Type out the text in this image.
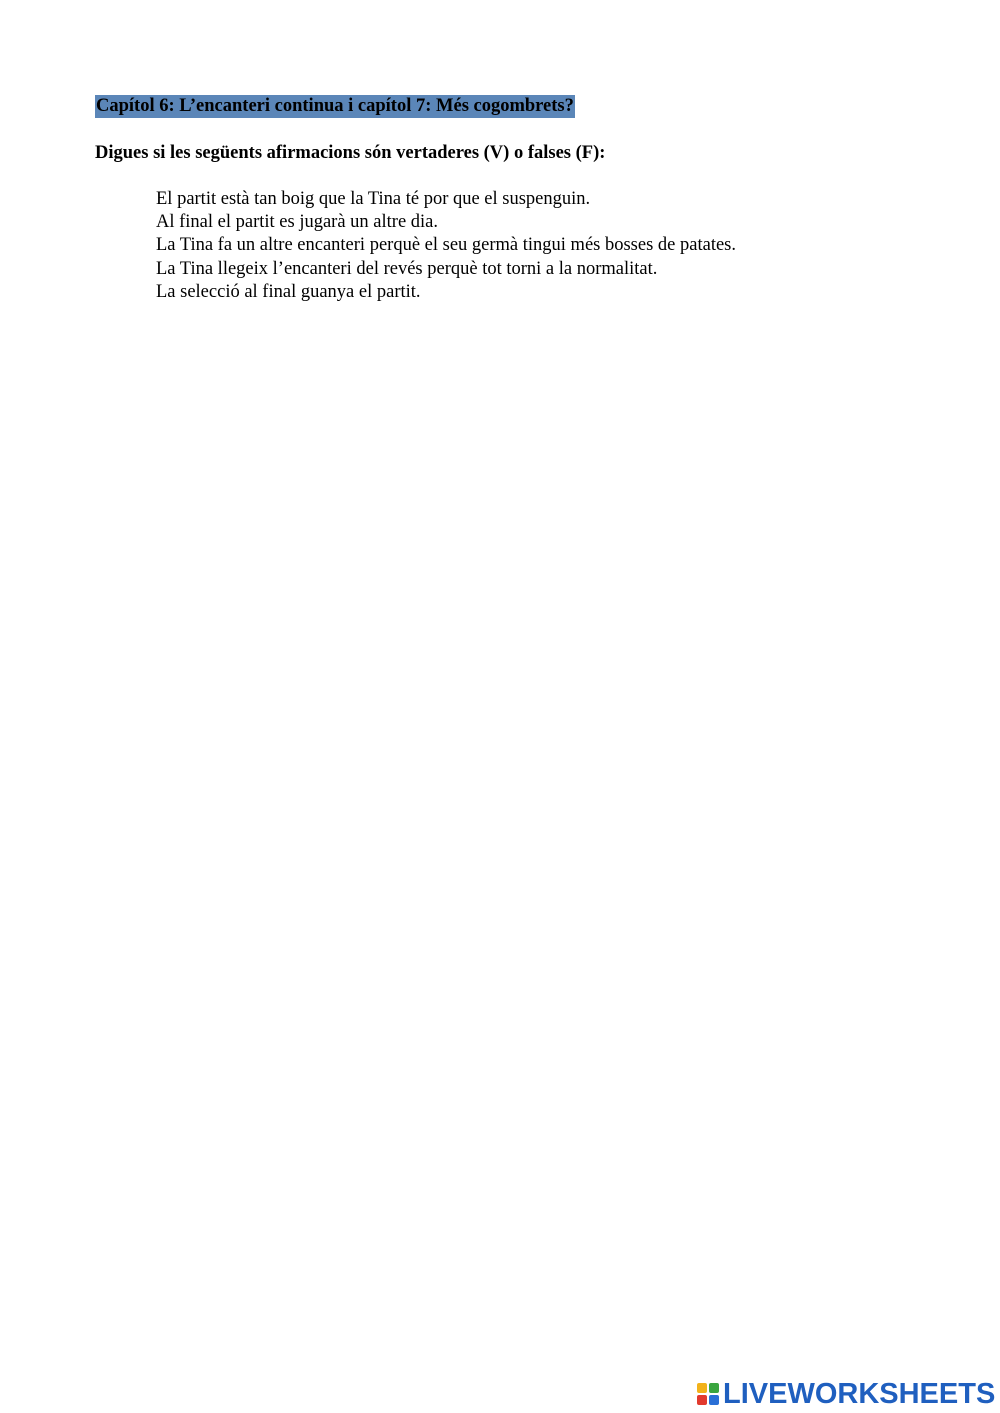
Capítol 6: L’encanteri continua i capítol 7: Més cogombrets?
Digues si les següents afirmacions són vertaderes (V) o falses (F):
El partit està tan boig que la Tina té por que el suspenguin.
Al final el partit es jugarà un altre dia.
La Tina fa un altre encanteri perquè el seu germà tingui més bosses de patates.
La Tina llegeix l’encanteri del revés perquè tot torni a la normalitat.
La selecció al final guanya el partit.
LIVEWORKSHEETS
